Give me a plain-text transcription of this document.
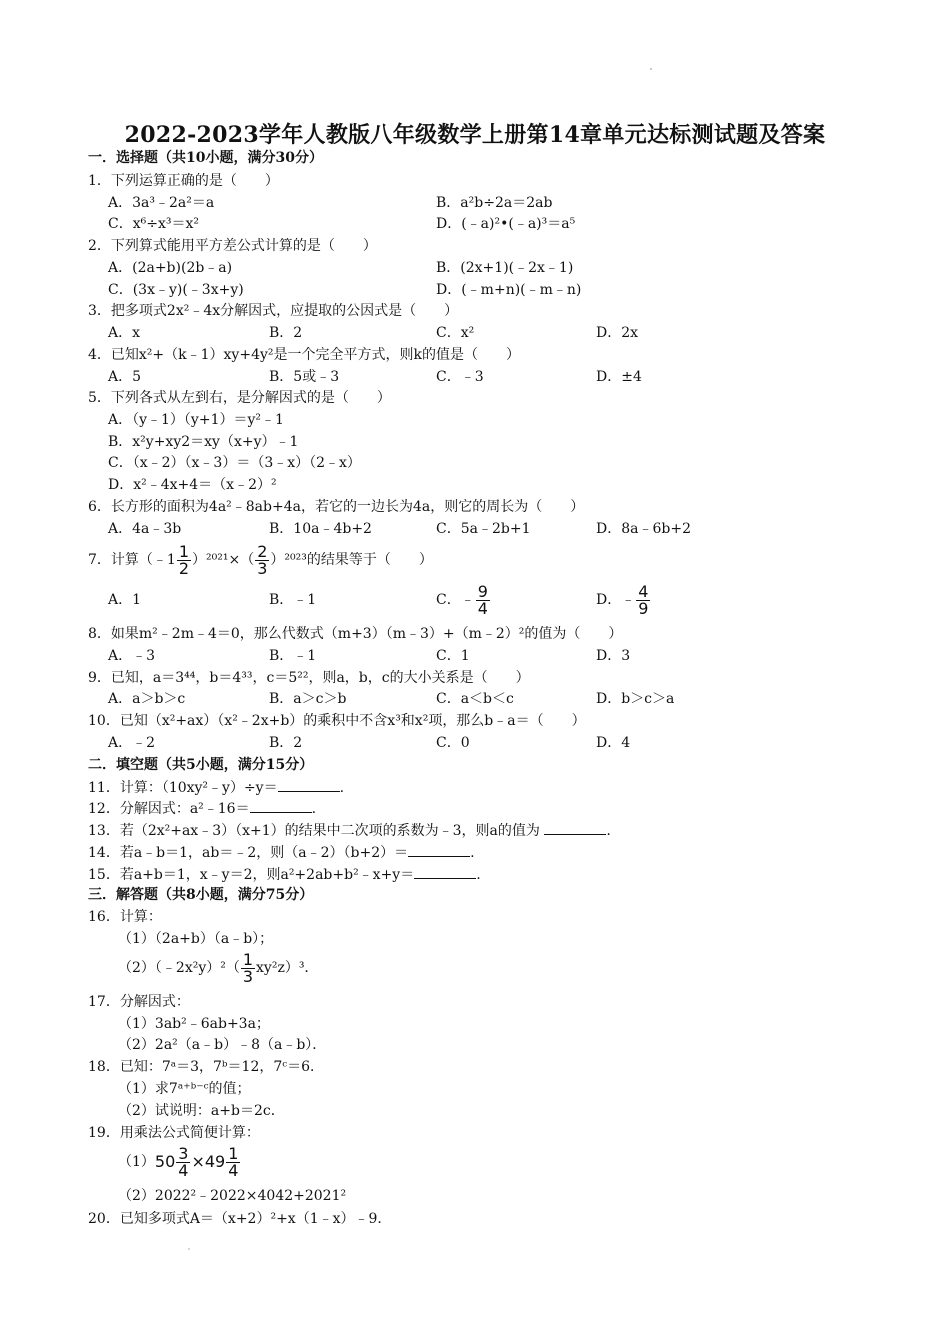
2022-2023学年人教版八年级数学上册第14章单元达标测试题及答案
一．选择题（共10小题，满分30分）
1．下列运算正确的是（　　）
A．3a³﹣2a²＝a	B．a²b÷2a＝2ab
C．x⁶÷x³＝x²	D．(﹣a)²•(﹣a)³＝a⁵
2．下列算式能用平方差公式计算的是（　　）
A．(2a+b)(2b﹣a)	B．(2x+1)(﹣2x﹣1)
C．(3x﹣y)(﹣3x+y)	D．(﹣m+n)(﹣m﹣n)
3．把多项式2x²﹣4x分解因式，应提取的公因式是（　　）
A．x	B．2	C．x²	D．2x
4．已知x²+（k﹣1）xy+4y²是一个完全平方式，则k的值是（　　）
A．5	B．5或﹣3	C．﹣3	D．±4
5．下列各式从左到右，是分解因式的是（　　）
A．（y﹣1）（y+1）＝y²﹣1
B．x²y+xy2＝xy（x+y）﹣1
C．（x﹣2）（x﹣3）＝（3﹣x）（2﹣x）
D．x²﹣4x+4＝（x﹣2）²
6．长方形的面积为4a²﹣8ab+4a，若它的一边长为4a，则它的周长为（　　）
A．4a﹣3b	B．10a﹣4b+2	C．5a﹣2b+1	D．8a﹣6b+2
7．计算（﹣1 $\frac{1}{2} )^{2021}\times( \frac{2}{3} )^{2023}$的结果等于（　　）
A．1	B．﹣1	C．﹣ $\frac{9}{4}$	D．﹣ $\frac{4}{9}$
8．如果m²﹣2m﹣4＝0，那么代数式（m+3）（m﹣3）+（m﹣2）²的值为（　　）
A．﹣3	B．﹣1	C．1	D．3
9．已知，a＝3⁴⁴，b＝4³³，c＝5²²，则a，b，c的大小关系是（　　）
A．a＞b＞c	B．a＞c＞b	C．a＜b＜c	D．b＞c＞a
10．已知（x²+ax）（x²﹣2x+b）的乘积中不含x³和x²项，那么b﹣a＝（　　）
A．﹣2	B．2	C．0	D．4
二．填空题（共5小题，满分15分）
11．计算：（10xy²﹣y）÷y＝	.
12．分解因式：a²﹣16＝	.
13．若（2x²+ax﹣3）（x+1）的结果中二次项的系数为﹣3，则a的值为	.
14．若a﹣b＝1，ab＝﹣2，则（a﹣2）（b+2）＝	.
15．若a+b＝1，x﹣y＝2，则a²+2ab+b²﹣x+y＝	.
三．解答题（共8小题，满分75分）
16．计算：
（1）（2a+b）（a﹣b）；
（2）（﹣2x²y）²（ $\frac{1}{3} xy^2z)^3$．
17．分解因式：
（1）3ab²﹣6ab+3a；
（2）2a²（a﹣b）﹣8（a﹣b）．
18．已知：7ᵃ＝3，7ᵇ＝12，7ᶜ＝6．
（1）求7ᵃ⁺ᵇ⁻ᶜ的值；
（2）试说明：a+b＝2c．
19．用乘法公式简便计算：
$(1)50 \frac{3}{4} \times 49 \frac{1}{4}$
（2）2022²﹣2022×4042+2021²
20．已知多项式A＝（x+2）²+x（1﹣x）﹣9．
